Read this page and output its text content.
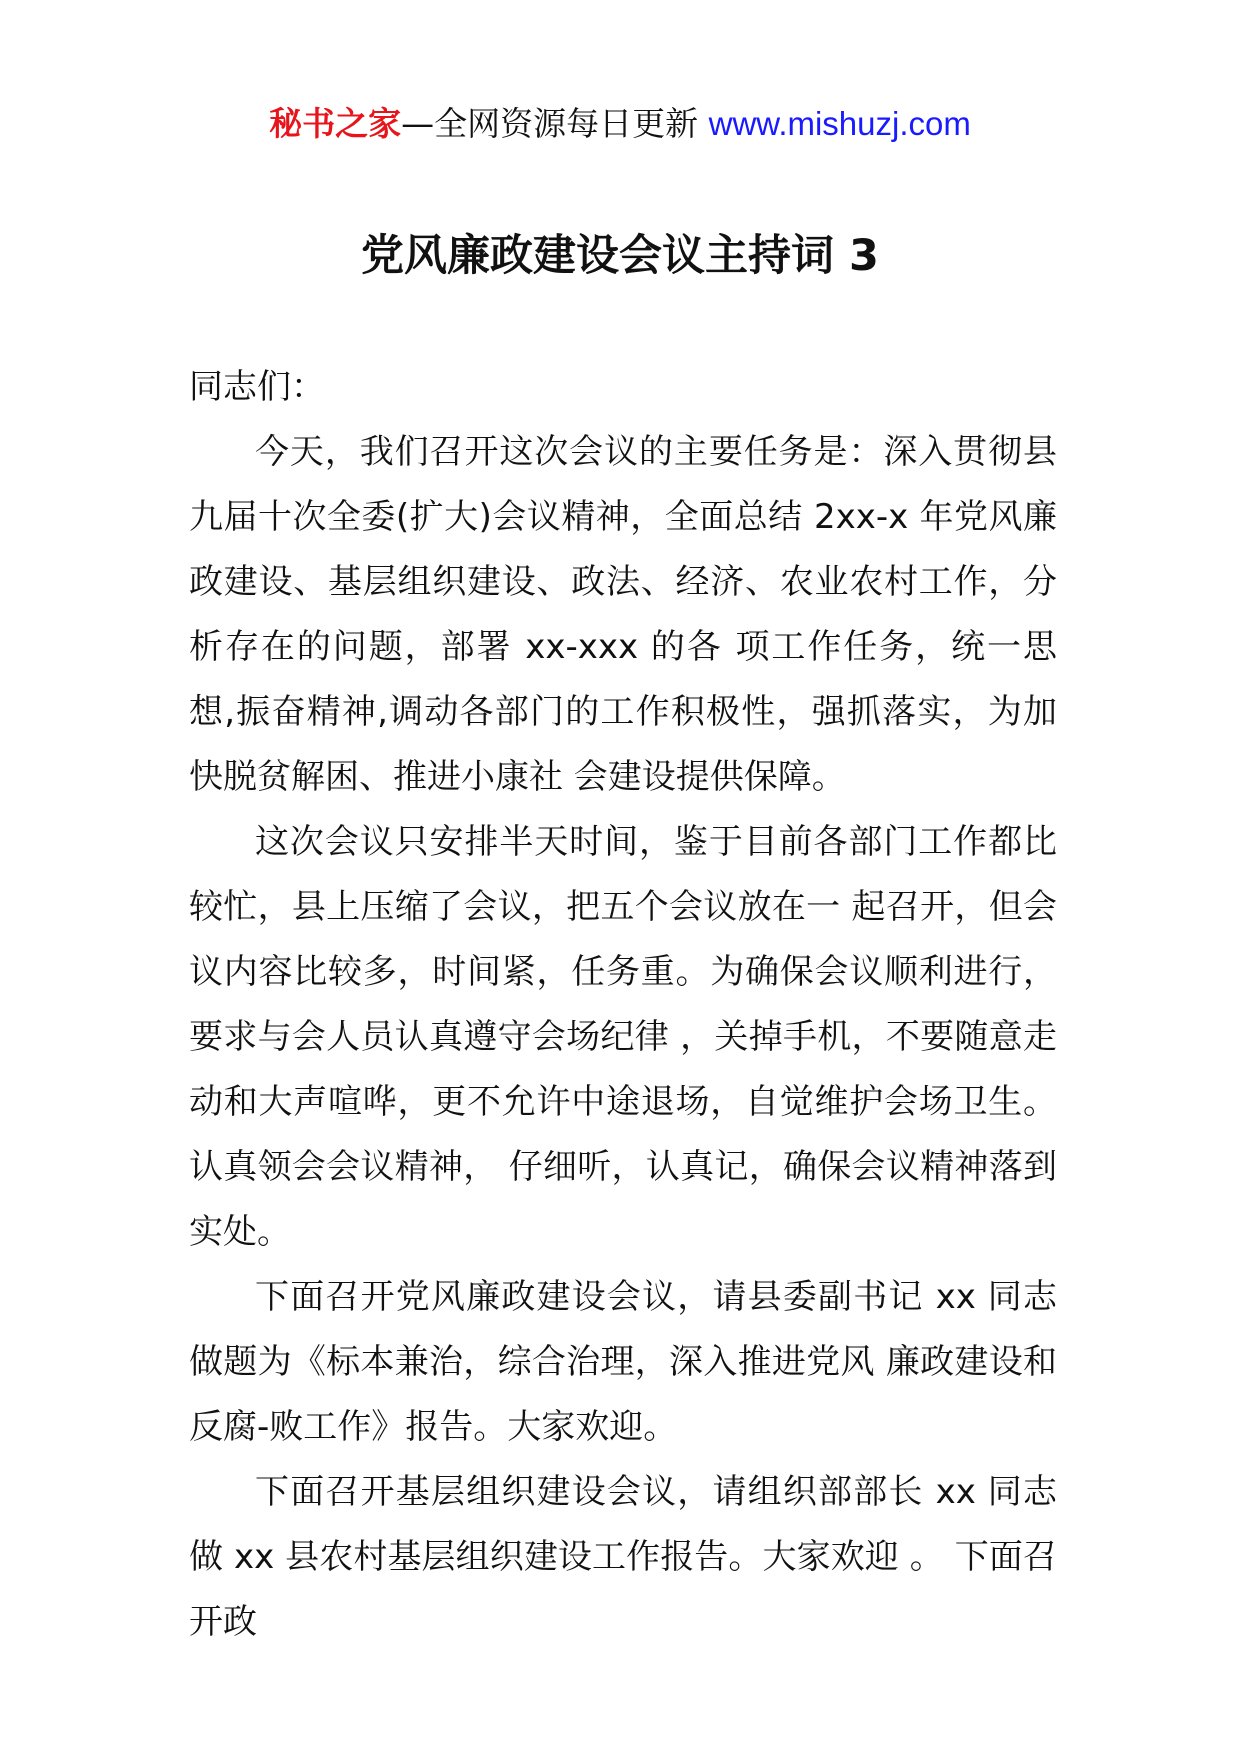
秘书之家—全网资源每日更新 www.mishuzj.com
党风廉政建设会议主持词 3

同志们：

今天，我们召开这次会议的主要任务是：深入贯彻县九届十次全委(扩大)会议精神，全面总结 2xx-x 年党风廉政建设、基层组织建设、政法、经济、农业农村工作，分析存在的问题，部署 xx-xxx 的各 项工作任务，统一思想,振奋精神,调动各部门的工作积极性，强抓落实，为加快脱贫解困、推进小康社 会建设提供保障。

这次会议只安排半天时间，鉴于目前各部门工作都比较忙，县上压缩了会议，把五个会议放在一 起召开，但会议内容比较多，时间紧，任务重。为确保会议顺利进行，要求与会人员认真遵守会场纪律 ，关掉手机，不要随意走动和大声喧哗，更不允许中途退场，自觉维护会场卫生。认真领会会议精神， 仔细听，认真记，确保会议精神落到实处。

下面召开党风廉政建设会议，请县委副书记 xx 同志做题为《标本兼治，综合治理，深入推进党风 廉政建设和反腐-败工作》报告。大家欢迎。

下面召开基层组织建设会议，请组织部部长 xx 同志做 xx 县农村基层组织建设工作报告。大家欢迎 。 下面召开政
